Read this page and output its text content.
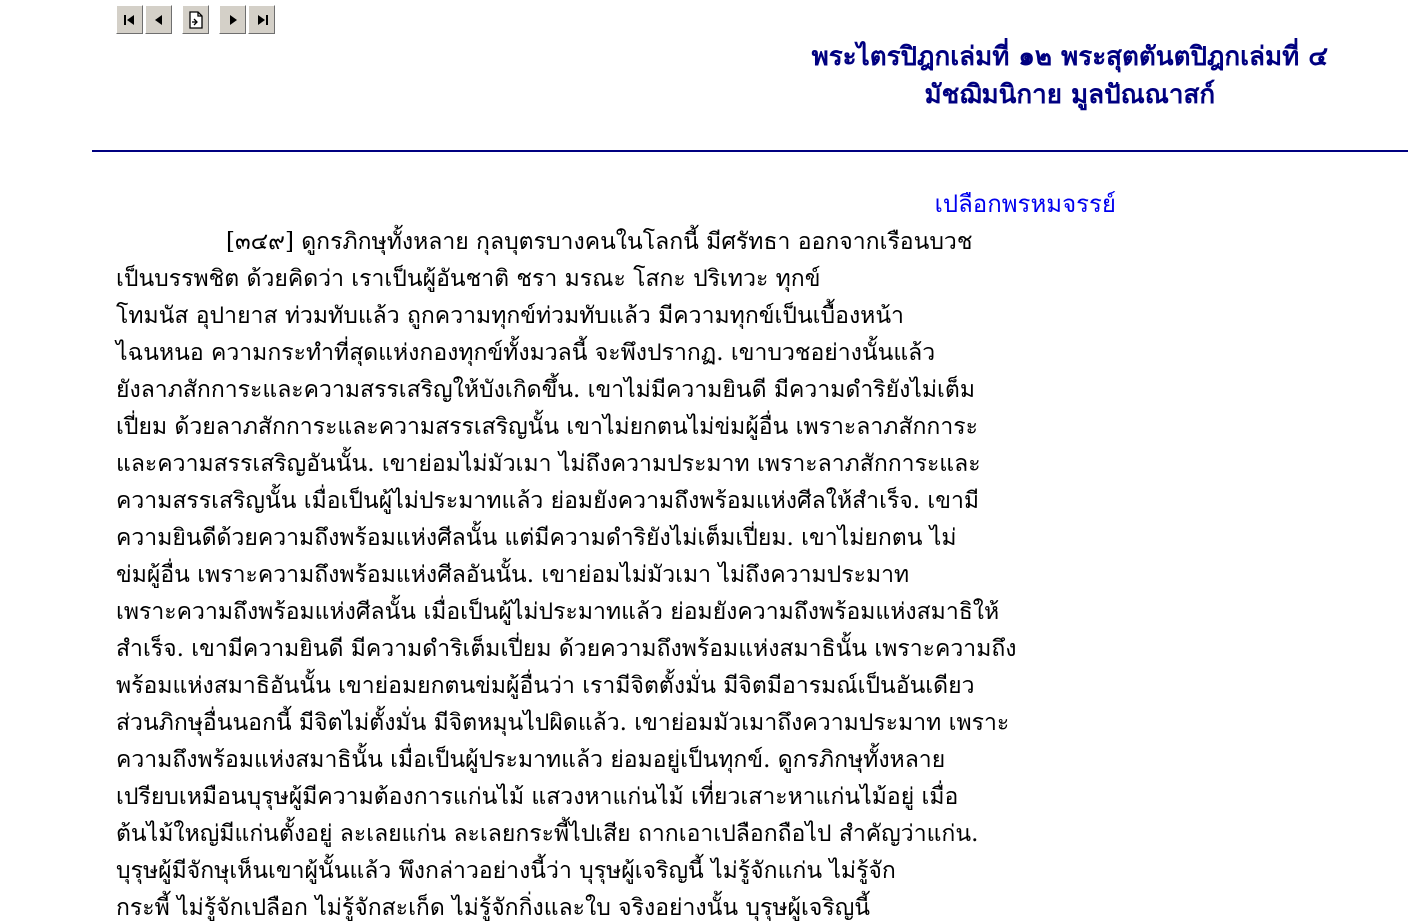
พระไตรปิฎกเล่มที่ ๑๒ พระสุตตันตปิฎกเล่มที่ ๔
มัชฌิมนิกาย มูลปัณณาสก์
เปลือกพรหมจรรย์
[๓๔๙] ดูกรภิกษุทั้งหลาย กุลบุตรบางคนในโลกนี้ มีศรัทธา ออกจากเรือนบวช
เป็นบรรพชิต ด้วยคิดว่า เราเป็นผู้อันชาติ ชรา มรณะ โสกะ ปริเทวะ ทุกข์
โทมนัส อุปายาส ท่วมทับแล้ว ถูกความทุกข์ท่วมทับแล้ว มีความทุกข์เป็นเบื้องหน้า
ไฉนหนอ ความกระทำที่สุดแห่งกองทุกข์ทั้งมวลนี้ จะพึงปรากฏ. เขาบวชอย่างนั้นแล้ว
ยังลาภสักการะและความสรรเสริญให้บังเกิดขึ้น. เขาไม่มีความยินดี มีความดำริยังไม่เต็ม
เปี่ยม ด้วยลาภสักการะและความสรรเสริญนั้น เขาไม่ยกตนไม่ข่มผู้อื่น เพราะลาภสักการะ
และความสรรเสริญอันนั้น. เขาย่อมไม่มัวเมา ไม่ถึงความประมาท เพราะลาภสักการะและ
ความสรรเสริญนั้น เมื่อเป็นผู้ไม่ประมาทแล้ว ย่อมยังความถึงพร้อมแห่งศีลให้สำเร็จ. เขามี
ความยินดีด้วยความถึงพร้อมแห่งศีลนั้น แต่มีความดำริยังไม่เต็มเปี่ยม. เขาไม่ยกตน ไม่
ข่มผู้อื่น เพราะความถึงพร้อมแห่งศีลอันนั้น. เขาย่อมไม่มัวเมา ไม่ถึงความประมาท
เพราะความถึงพร้อมแห่งศีลนั้น เมื่อเป็นผู้ไม่ประมาทแล้ว ย่อมยังความถึงพร้อมแห่งสมาธิให้
สำเร็จ. เขามีความยินดี มีความดำริเต็มเปี่ยม ด้วยความถึงพร้อมแห่งสมาธินั้น เพราะความถึง
พร้อมแห่งสมาธิอันนั้น เขาย่อมยกตนข่มผู้อื่นว่า เรามีจิตตั้งมั่น มีจิตมีอารมณ์เป็นอันเดียว
ส่วนภิกษุอื่นนอกนี้ มีจิตไม่ตั้งมั่น มีจิตหมุนไปผิดแล้ว. เขาย่อมมัวเมาถึงความประมาท เพราะ
ความถึงพร้อมแห่งสมาธินั้น เมื่อเป็นผู้ประมาทแล้ว ย่อมอยู่เป็นทุกข์. ดูกรภิกษุทั้งหลาย
เปรียบเหมือนบุรุษผู้มีความต้องการแก่นไม้ แสวงหาแก่นไม้ เที่ยวเสาะหาแก่นไม้อยู่ เมื่อ
ต้นไม้ใหญ่มีแก่นตั้งอยู่ ละเลยแก่น ละเลยกระพี้ไปเสีย ถากเอาเปลือกถือไป สำคัญว่าแก่น.
บุรุษผู้มีจักษุเห็นเขาผู้นั้นแล้ว พึงกล่าวอย่างนี้ว่า บุรุษผู้เจริญนี้ ไม่รู้จักแก่น ไม่รู้จัก
กระพี้ ไม่รู้จักเปลือก ไม่รู้จักสะเก็ด ไม่รู้จักกิ่งและใบ จริงอย่างนั้น บุรุษผู้เจริญนี้
